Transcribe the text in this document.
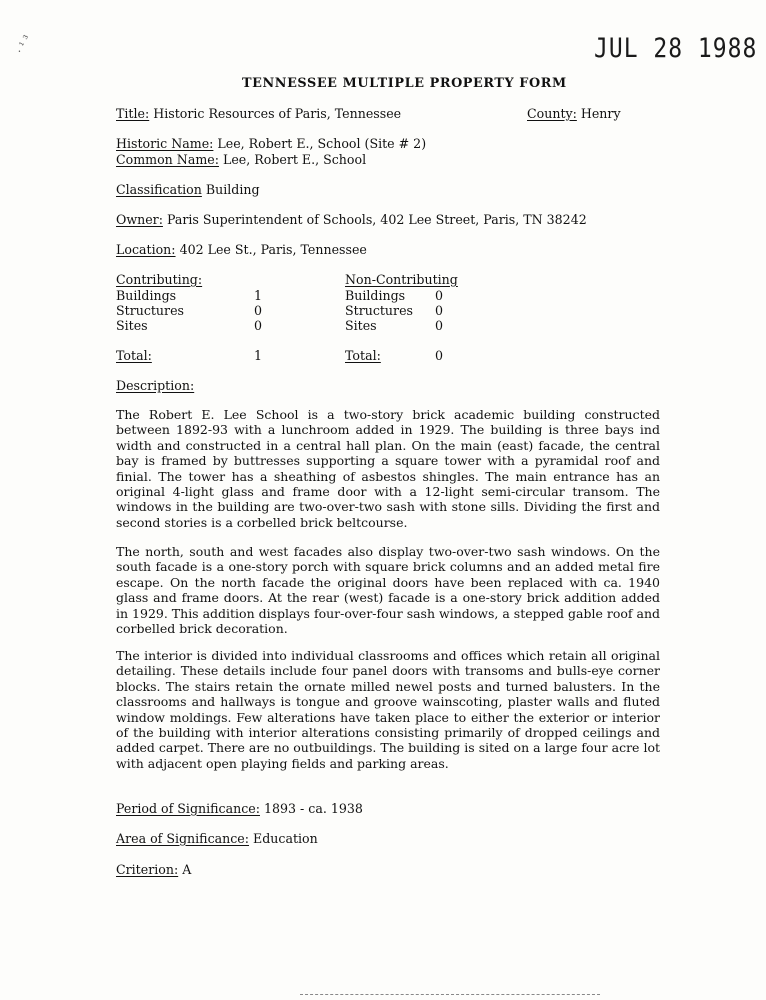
· ¹ ³	JUL 28 1988
TENNESSEE MULTIPLE PROPERTY FORM
Title: Historic Resources of Paris, Tennessee	County: Henry
Historic Name: Lee, Robert E., School (Site # 2)
Common Name: Lee, Robert E., School
Classification Building
Owner: Paris Superintendent of Schools, 402 Lee Street, Paris, TN 38242
Location: 402 Lee St., Paris, Tennessee
Contributing:
Buildings	1
Structures	0
Sites	0
Total:	1
Non-Contributing
Buildings 0
Structures 0
Sites	0
Total:	0
Description:

The Robert E. Lee School is a two-story brick academic building constructed between 1892-93 with a lunchroom added in 1929. The building is three bays ind width and constructed in a central hall plan. On the main (east) facade, the central bay is framed by buttresses supporting a square tower with a pyramidal roof and finial. The tower has a sheathing of asbestos shingles. The main entrance has an original 4-light glass and frame door with a 12-light semi-circular transom. The windows in the building are two-over-two sash with stone sills. Dividing the first and second stories is a corbelled brick beltcourse.

The north, south and west facades also display two-over-two sash windows. On the south facade is a one-story porch with square brick columns and an added metal fire escape. On the north facade the original doors have been replaced with ca. 1940 glass and frame doors. At the rear (west) facade is a one-story brick addition added in 1929. This addition displays four-over-four sash windows, a stepped gable roof and corbelled brick decoration.

The interior is divided into individual classrooms and offices which retain all original detailing. These details include four panel doors with transoms and bulls-eye corner blocks. The stairs retain the ornate milled newel posts and turned balusters. In the classrooms and hallways is tongue and groove wainscoting, plaster walls and fluted window moldings. Few alterations have taken place to either the exterior or interior of the building with interior alterations consisting primarily of dropped ceilings and added carpet. There are no outbuildings. The building is sited on a large four acre lot with adjacent open playing fields and parking areas.

Period of Significance: 1893 - ca. 1938
Area of Significance: Education
Criterion: A
